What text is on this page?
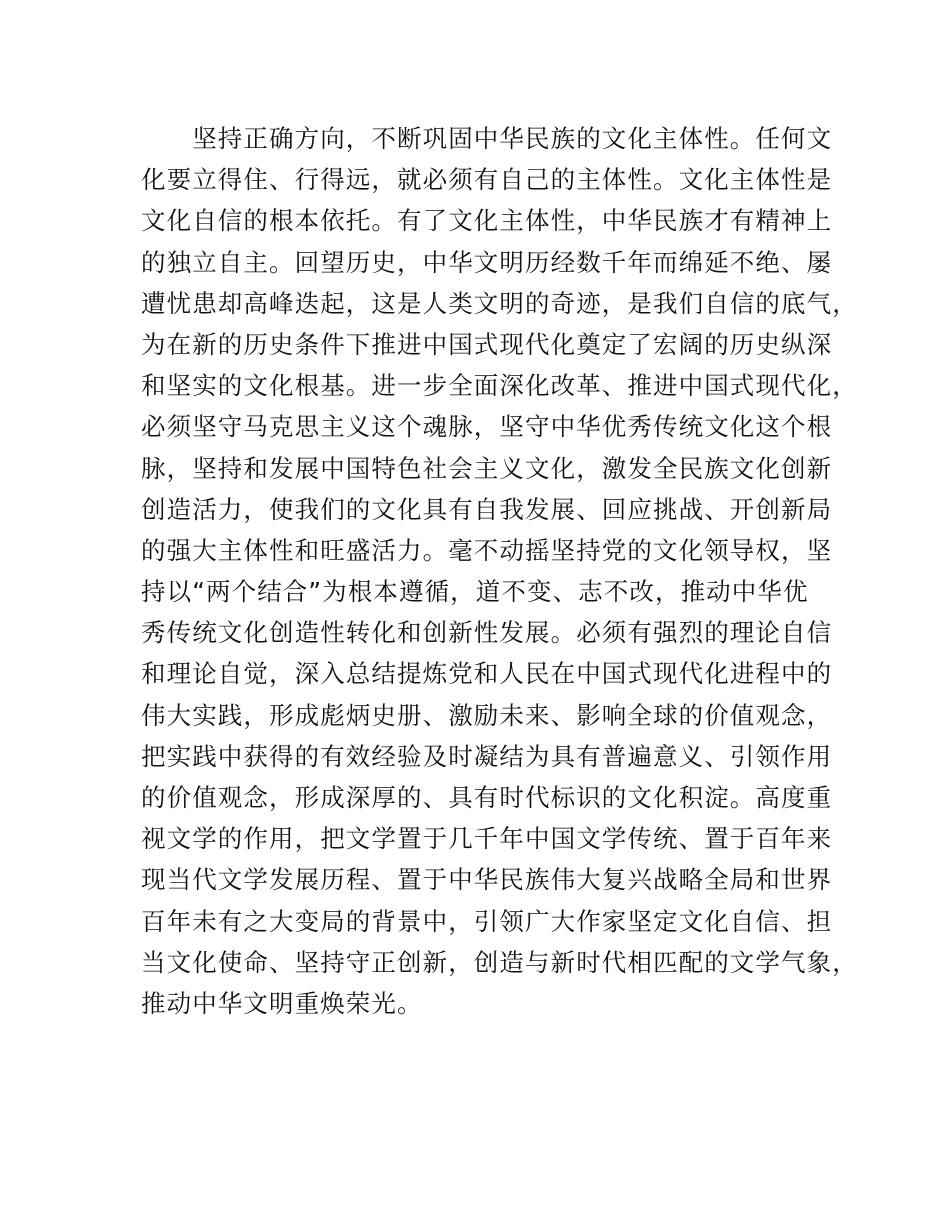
　　坚持正确方向，不断巩固中华民族的文化主体性。任何文
化要立得住、行得远，就必须有自己的主体性。文化主体性是
文化自信的根本依托。有了文化主体性，中华民族才有精神上
的独立自主。回望历史，中华文明历经数千年而绵延不绝、屡
遭忧患却高峰迭起，这是人类文明的奇迹，是我们自信的底气，
为在新的历史条件下推进中国式现代化奠定了宏阔的历史纵深
和坚实的文化根基。进一步全面深化改革、推进中国式现代化，
必须坚守马克思主义这个魂脉，坚守中华优秀传统文化这个根
脉，坚持和发展中国特色社会主义文化，激发全民族文化创新
创造活力，使我们的文化具有自我发展、回应挑战、开创新局
的强大主体性和旺盛活力。毫不动摇坚持党的文化领导权，坚
持以“两个结合”为根本遵循，道不变、志不改，推动中华优
秀传统文化创造性转化和创新性发展。必须有强烈的理论自信
和理论自觉，深入总结提炼党和人民在中国式现代化进程中的
伟大实践，形成彪炳史册、激励未来、影响全球的价值观念，
把实践中获得的有效经验及时凝结为具有普遍意义、引领作用
的价值观念，形成深厚的、具有时代标识的文化积淀。高度重
视文学的作用，把文学置于几千年中国文学传统、置于百年来
现当代文学发展历程、置于中华民族伟大复兴战略全局和世界
百年未有之大变局的背景中，引领广大作家坚定文化自信、担
当文化使命、坚持守正创新，创造与新时代相匹配的文学气象，
推动中华文明重焕荣光。
